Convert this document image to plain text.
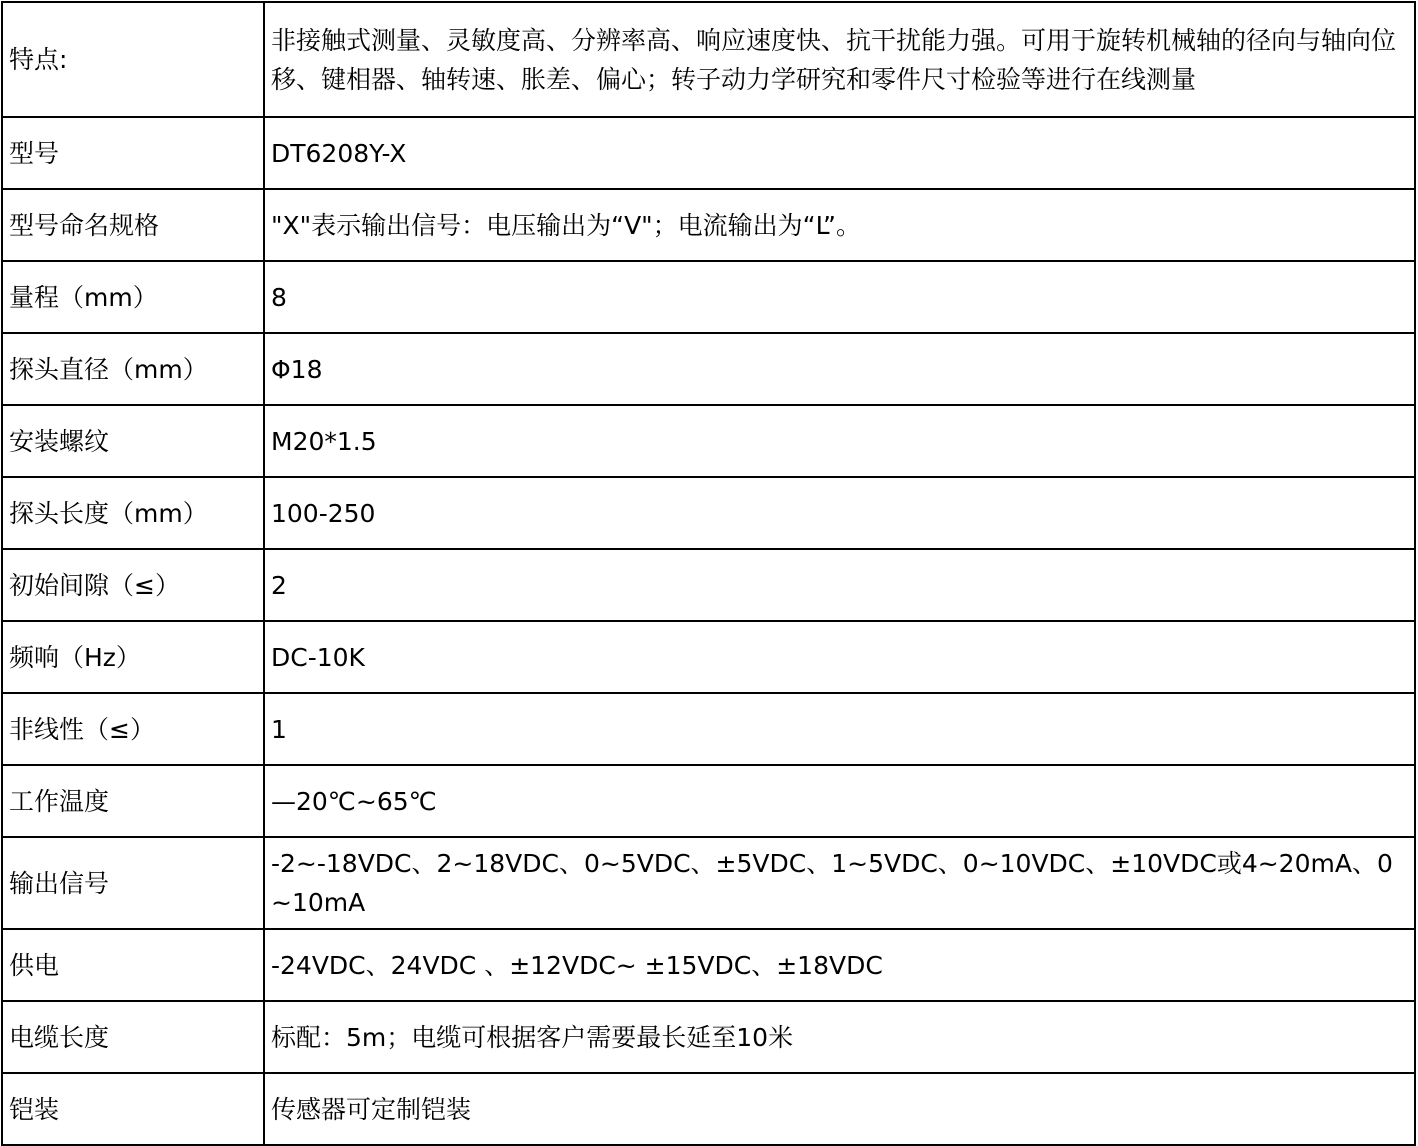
特点:	非接触式测量、灵敏度高、分辨率高、响应速度快、抗干扰能力强。可用于旋转机械轴的径向与轴向位移、键相器、轴转速、胀差、偏心；转子动力学研究和零件尺寸检验等进行在线测量
型号	DT6208Y-X
型号命名规格	"X"表示输出信号：电压输出为“V"；电流输出为“L”。
量程（mm）	8
探头直径（mm）	Φ18
安装螺纹	M20*1.5
探头长度（mm）	100-250
初始间隙（≤）	2
频响（Hz）	DC-10K
非线性（≤）	1
工作温度	—20℃~65℃
输出信号	-2~-18VDC、2~18VDC、0~5VDC、±5VDC、1~5VDC、0~10VDC、±10VDC或4~20mA、0~10mA
供电	-24VDC、24VDC 、±12VDC~ ±15VDC、±18VDC
电缆长度	标配：5m；电缆可根据客户需要最长延至10米
铠装	传感器可定制铠装
